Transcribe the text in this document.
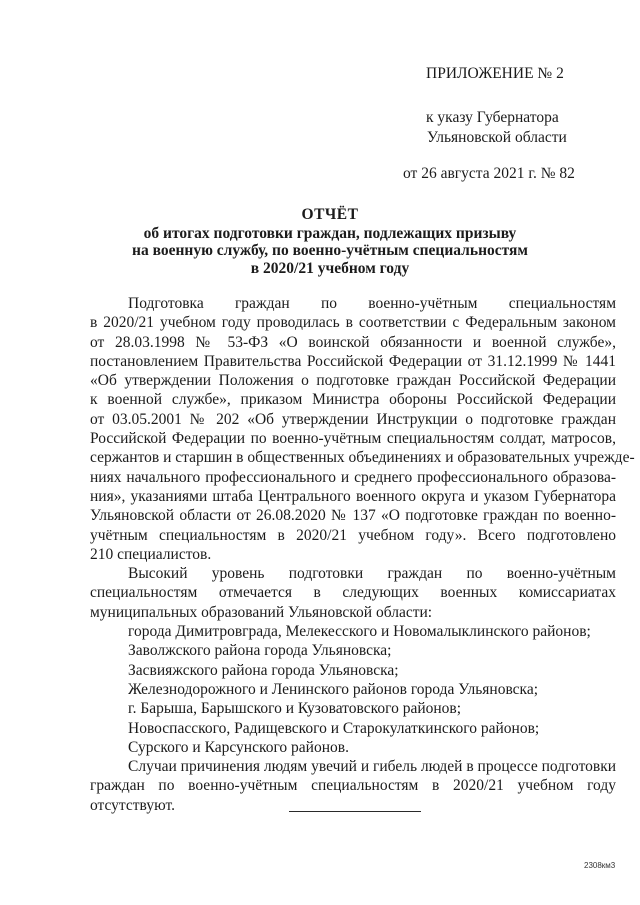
ПРИЛОЖЕНИЕ № 2
к указу Губернатора
Ульяновской области
от 26 августа 2021 г. № 82
ОТЧЁТ
об итогах подготовки граждан, подлежащих призыву
на военную службу, по военно-учётным специальностям
в 2020/21 учебном году
Подготовка граждан по военно-учётным специальностям
в 2020/21 учебном году проводилась в соответствии с Федеральным законом
от 28.03.1998 № 53-ФЗ «О воинской обязанности и военной службе»,
постановлением Правительства Российской Федерации от 31.12.1999 № 1441
«Об утверждении Положения о подготовке граждан Российской Федерации
к военной службе», приказом Министра обороны Российской Федерации
от 03.05.2001 № 202 «Об утверждении Инструкции о подготовке граждан
Российской Федерации по военно-учётным специальностям солдат, матросов,
сержантов и старшин в общественных объединениях и образовательных учрежде-
ниях начального профессионального и среднего профессионального образова-
ния», указаниями штаба Центрального военного округа и указом Губернатора
Ульяновской области от 26.08.2020 № 137 «О подготовке граждан по военно-
учётным специальностям в 2020/21 учебном году». Всего подготовлено
210 специалистов.
Высокий уровень подготовки граждан по военно-учётным
специальностям отмечается в следующих военных комиссариатах
муниципальных образований Ульяновской области:
города Димитровграда, Мелекесского и Новомалыклинского районов;
Заволжского района города Ульяновска;
Засвияжского района города Ульяновска;
Железнодорожного и Ленинского районов города Ульяновска;
г. Барыша, Барышского и Кузоватовского районов;
Новоспасского, Радищевского и Старокулаткинского районов;
Сурского и Карсунского районов.
Случаи причинения людям увечий и гибель людей в процессе подготовки
граждан по военно-учётным специальностям в 2020/21 учебном году
отсутствуют.
2308км3
